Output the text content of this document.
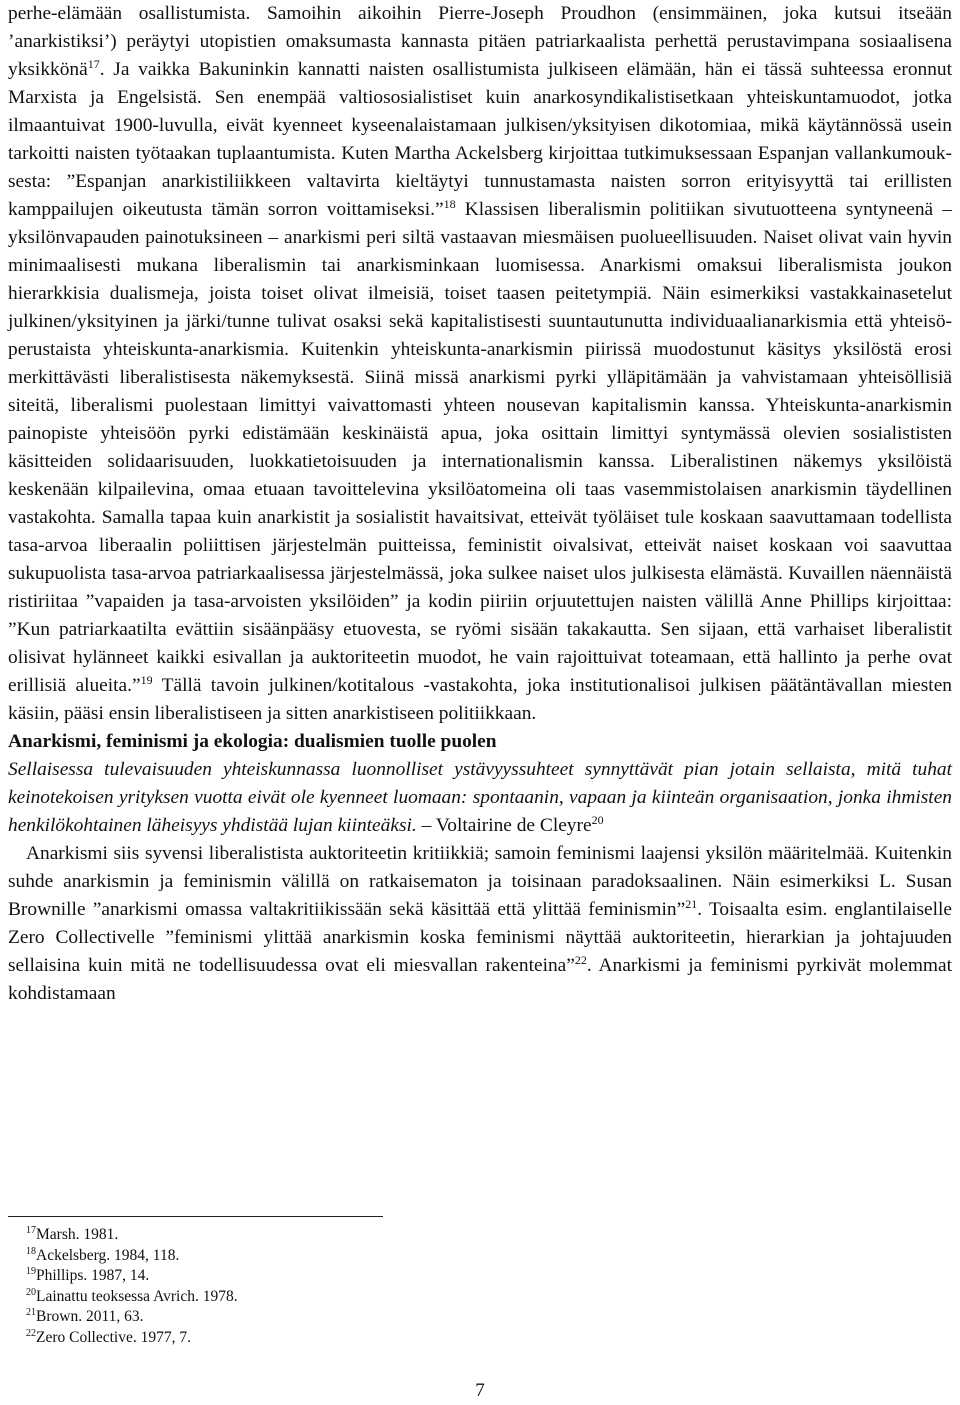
perhe-elämään osallistumista. Samoihin aikoihin Pierre-Joseph Proudhon (ensimmäinen, joka kutsui itseään ’anarkistiksi’) peräytyi utopistien omaksumasta kannasta pitäen patriarkaalista perhettä perustavimpana sosiaalisena yksikkönä$^{17}$. Ja vaikka Bakuninkin kannatti naisten osallistumista julkiseen elämään, hän ei tässä suhteessa eronnut Marxista ja Engelsistä. Sen enempää valtiososialistiset kuin anarkosyndikalistisetkaan yhteiskuntamuodot, jotka ilmaantuivat 1900-luvulla, eivät kyenneet kyseenalaistamaan julkisen/yksityisen dikotomiaa, mikä käytännössä usein tarkoitti naisten työtaakan tuplaantumista. Kuten Martha Ackelsberg kirjoittaa tutkimuksessaan Espanjan vallankumouksesta: ”Espanjan anarkistiliikkeen valtavirta kieltäytyi tunnustamasta naisten sorron erityisyyttä tai erillisten kamppailujen oikeutusta tämän sorron voittamiseksi.”$^{18}$ Klassisen liberalismin politiikan sivutuotteena syntyneenä – yksilönvapauden painotuksineen – anarkismi peri siltä vastaavan miesmäisen puolueellisuuden. Naiset olivat vain hyvin minimaalisesti mukana liberalismin tai anarkisminkaan luomisessa. Anarkismi omaksui liberalismista joukon hierarkkisia dualismeja, joista toiset olivat ilmeisiä, toiset taasen peitetympiä. Näin esimerkiksi vastakkainasetelut julkinen/yksityinen ja järki/tunne tulivat osaksi sekä kapitalistisesti suuntautunutta individuaalianarkismia että yhteisöperustaista yhteiskunta-anarkismia. Kuitenkin yhteiskunta-anarkismin piirissä muodostunut käsitys yksilöstä erosi merkittävästi liberalistisesta näkemyksestä. Siinä missä anarkismi pyrki ylläpitämään ja vahvistamaan yhteisöllisiä siteitä, liberalismi puolestaan limittyi vaivattomasti yhteen nousevan kapitalismin kanssa. Yhteiskunta-anarkismin painopiste yhteisöön pyrki edistämään keskinäistä apua, joka osittain limittyi syntymässä olevien sosialististen käsitteiden solidaarisuuden, luokkatietoisuuden ja internationalismin kanssa. Liberalistinen näkemys yksilöistä keskenään kilpailevina, omaa etuaan tavoittelevina yksilöatomeina oli taas vasemmistolaisen anarkismin täydellinen vastakohta. Samalla tapaa kuin anarkistit ja sosialistit havaitsivat, etteivät työläiset tule koskaan saavuttamaan todellista tasa-arvoa liberaalin poliittisen järjestelmän puitteissa, feministit oivalsivat, etteivät naiset koskaan voi saavuttaa sukupuolista tasa-arvoa patriarkaalisessa järjestelmässä, joka sulkee naiset ulos julkisesta elämästä. Kuvaillen näennäistä ristiriitaa ”vapaiden ja tasa-arvoisten yksilöiden” ja kodin piiriin orjuutettujen naisten välillä Anne Phillips kirjoittaa: ”Kun patriarkaatilta evättiin sisäänpääsy etuovesta, se ryömi sisään takakautta. Sen sijaan, että varhaiset liberalistit olisivat hylänneet kaikki esivallan ja auktoriteetin muodot, he vain rajoittuivat toteamaan, että hallinto ja perhe ovat erillisiä alueita.”$^{19}$ Tällä tavoin julkinen/kotitalous -vastakohta, joka institutionalisoi julkisen päätäntävallan miesten käsiin, pääsi ensin liberalistiseen ja sitten anarkistiseen politiikkaan.

Anarkismi, feminismi ja ekologia: dualismien tuolle puolen

Sellaisessa tulevaisuuden yhteiskunnassa luonnolliset ystävyyssuhteet synnyttävät pian jotain sellaista, mitä tuhat keinotekoisen yrityksen vuotta eivät ole kyenneet luomaan: spontaanin, vapaan ja kiinteän organisaation, jonka ihmisten henkilökohtainen läheisyys yhdistää lujan kiinteäksi. – Voltairine de Cleyre$^{20}$

Anarkismi siis syvensi liberalistista auktoriteetin kritiikkiä; samoin feminismi laajensi yksilön määritelmää. Kuitenkin suhde anarkismin ja feminismin välillä on ratkaisematon ja toisinaan paradoksaalinen. Näin esimerkiksi L. Susan Brownille ”anarkismi omassa valtakritiikissään sekä käsittää että ylittää feminismin”$^{21}$. Toisaalta esim. englantilaiselle Zero Collectivelle ”feminismi ylittää anarkismin koska feminismi näyttää auktoriteetin, hierarkian ja johtajuuden sellaisina kuin mitä ne todellisuudessa ovat eli miesvallan rakenteina”$^{22}$. Anarkismi ja feminismi pyrkivät molemmat kohdistamaan

$^{17}$Marsh. 1981.
$^{18}$Ackelsberg. 1984, 118.
$^{19}$Phillips. 1987, 14.
$^{20}$Lainattu teoksessa Avrich. 1978.
$^{21}$Brown. 2011, 63.
$^{22}$Zero Collective. 1977, 7.
7
